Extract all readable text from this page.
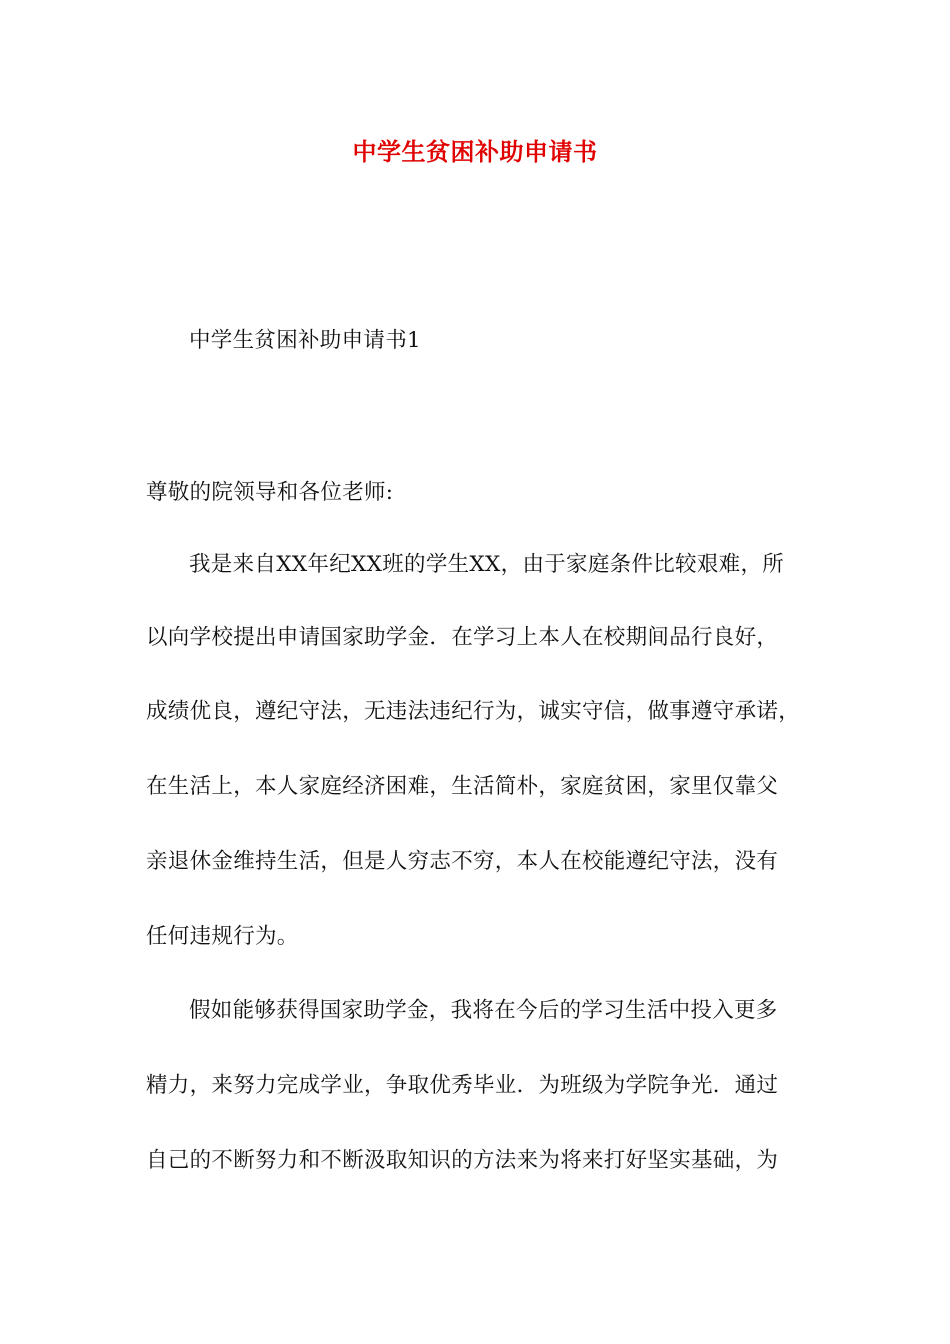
中学生贫困补助申请书
中学生贫困补助申请书1
尊敬的院领导和各位老师:
我是来自XX年纪XX班的学生XX，由于家庭条件比较艰难，所
以向学校提出申请国家助学金．在学习上本人在校期间品行良好，
成绩优良，遵纪守法，无违法违纪行为，诚实守信，做事遵守承诺，
在生活上，本人家庭经济困难，生活简朴，家庭贫困，家里仅靠父
亲退休金维持生活，但是人穷志不穷，本人在校能遵纪守法，没有
任何违规行为。
假如能够获得国家助学金，我将在今后的学习生活中投入更多
精力，来努力完成学业，争取优秀毕业．为班级为学院争光．通过
自己的不断努力和不断汲取知识的方法来为将来打好坚实基础，为
